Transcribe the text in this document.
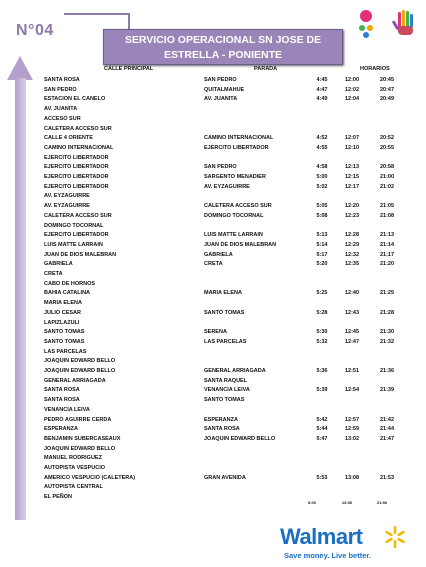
N°04
SERVICIO OPERACIONAL SN JOSE DE
ESTRELLA - PONIENTE
CALLE PRINCIPAL	PARADA	HORARIOS
SANTA ROSA	SAN PEDRO	4:45	12:00	20:45
SAN PEDRO	QUITALMAHUE	4:47	12:02	20:47
ESTACION EL CANELO	AV. JUANITA	4:49	12:04	20:49
AV. JUANITA
ACCESO SUR
CALETERA ACCESO SUR
CALLE 4 ORIENTE	CAMINO INTERNACIONAL	4:52	12:07	20:52
CAMINO INTERNACIONAL	EJERCITO LIBERTADOR	4:55	12:10	20:55
EJERCITO LIBERTADOR
EJERCITO LIBERTADOR	SAN PEDRO	4:58	12:13	20:58
EJERCITO LIBERTADOR	SARGENTO MENADIER	5:00	12:15	21:00
EJERCITO LIBERTADOR	AV. EYZAGUIRRE	5:02	12:17	21:02
AV. EYZAGUIRRE
AV. EYZAGUIRRE	CALETERA ACCESO SUR	5:05	12:20	21:05
CALETERA ACCESO SUR	DOMINGO TOCORNAL	5:08	12:23	21:08
DOMINGO TOCORNAL
EJERCITO LIBERTADOR	LUIS MATTE LARRAIN	5:13	12:28	21:13
LUIS MATTE LARRAIN	JUAN DE DIOS MALEBRAN	5:14	12:29	21:14
JUAN DE DIOS MALEBRAN	GABRIELA	5:17	12:32	21:17
GABRIELA	CRETA	5:20	12:35	21:20
CRETA
CABO DE HORNOS
BAHIA CATALINA	MARIA ELENA	5:25	12:40	21:25
MARIA ELENA
JULIO CESAR	SANTO TOMAS	5:28	12:43	21:28
LAPIZLAZULI
SANTO TOMAS	SERENA	5:30	12:45	21:30
SANTO TOMAS	LAS PARCELAS	5:32	12:47	21:32
LAS PARCELAS
JOAQUIN EDWARD BELLO
JOAQUIN EDWARD BELLO	GENERAL ARRIAGADA	5:36	12:51	21:36
GENERAL ARRIAGADA	SANTA RAQUEL
SANTA ROSA	VENANCIA LEIVA	5:39	12:54	21:39
SANTA ROSA	SANTO TOMAS
VENANCIA LEIVA
PEDRO AGUIRRE CERDA	ESPERANZA	5:42	12:57	21:42
ESPERANZA	SANTA ROSA	5:44	12:59	21:44
BENJAMIN SUBERCASEAUX	JOAQUIN EDWARD BELLO	5:47	13:02	21:47
JOAQUIN EDWARD BELLO
MANUEL RODRIGUEZ
AUTOPISTA VESPUCIO
AMERICO VESPUCIO (CALETERA)	GRAN AVENIDA	5:53	13:08	21:53
AUTOPISTA CENTRAL
EL PEÑON
6:00	13:30	21:50
Walmart
Save money. Live better.
